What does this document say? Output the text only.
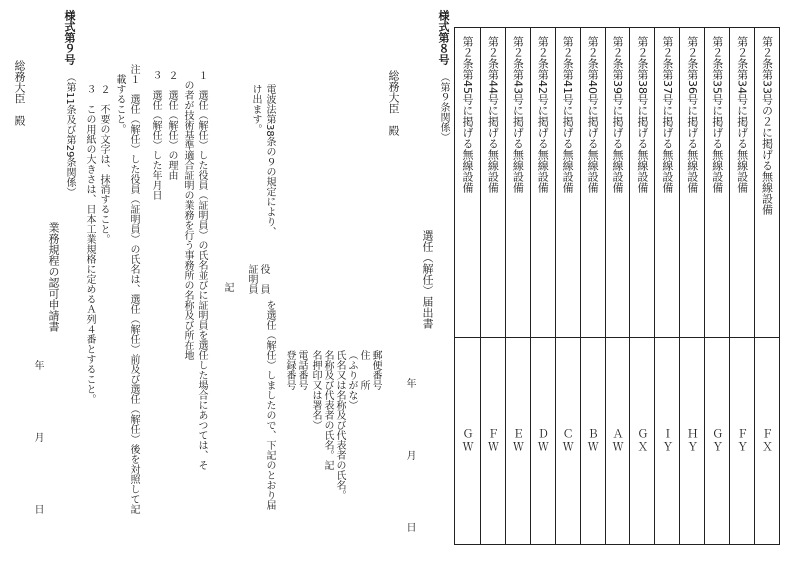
様式第８号
（第９条関係）	第２条第33号の２に掲げる無線設備
ＦＸ
第２条第34号に掲げる無線設備
ＦＹ
第２条第35号に掲げる無線設備
ＧＹ
第２条第36号に掲げる無線設備
ＨＹ
第２条第37号に掲げる無線設備
ＩＹ
第２条第38号に掲げる無線設備
ＧＸ
第２条第39号に掲げる無線設備
ＡＷ
第２条第40号に掲げる無線設備
ＢＷ
第２条第41号に掲げる無線設備
ＣＷ
第２条第42号に掲げる無線設備
ＤＷ
第２条第43号に掲げる無線設備
ＥＷ
第２条第44号に掲げる無線設備
ＦＷ
第２条第45号に掲げる無線設備
ＧＷ
選任（解任）届出書
年　　月　　日
総務大臣　殿
郵便番号
住　　所
（ふりがな）
氏名又は名称及び代表者の氏名。
名称及び代表者の氏名。記
名押印又は署名）
電話番号
登録番号
電波法第38条の９の規定により、
役　員
証明員
を選任（解任）しましたので、下記のとおり届
け出ます。
記
１　選任（解任）した役員（証明員）の氏名並びに証明員を選任した場合にあつては、そ
　の者が技術基準適合証明の業務を行う事務所の名称及び所在地
２　選任（解任）の理由
３　選任（解任）した年月日
注１　選任（解任）した役員（証明員）の氏名は、選任（解任）前及び選任（解任）後を対照して記
　載すること。
２　不要の文字は、抹消すること。
３　この用紙の大きさは、日本工業規格に定めるＡ列４番とすること。
様式第９号
（第11条及び第29条関係）
業務規程の認可申請書
年　　月　　日
総務大臣　殿
